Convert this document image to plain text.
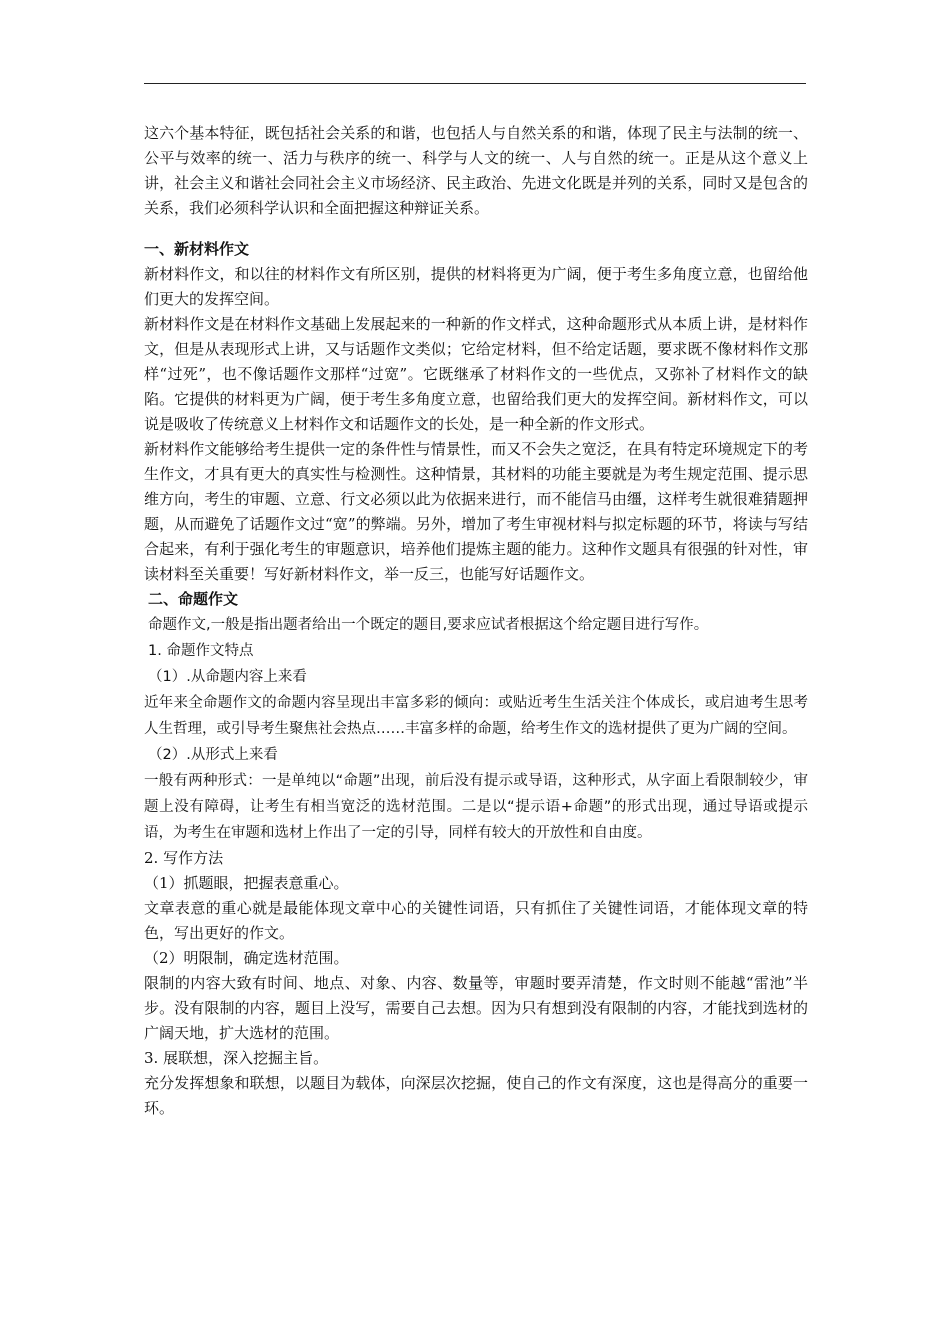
这六个基本特征，既包括社会关系的和谐，也包括人与自然关系的和谐，体现了民主与法制的统一、公平与效率的统一、活力与秩序的统一、科学与人文的统一、人与自然的统一。正是从这个意义上讲，社会主义和谐社会同社会主义市场经济、民主政治、先进文化既是并列的关系，同时又是包含的关系，我们必须科学认识和全面把握这种辩证关系。

一、新材料作文

新材料作文，和以往的材料作文有所区别，提供的材料将更为广阔，便于考生多角度立意，也留给他们更大的发挥空间。

新材料作文是在材料作文基础上发展起来的一种新的作文样式，这种命题形式从本质上讲，是材料作文，但是从表现形式上讲，又与话题作文类似；它给定材料，但不给定话题，要求既不像材料作文那样“过死”，也不像话题作文那样“过宽”。它既继承了材料作文的一些优点，又弥补了材料作文的缺陷。它提供的材料更为广阔，便于考生多角度立意，也留给我们更大的发挥空间。新材料作文，可以说是吸收了传统意义上材料作文和话题作文的长处，是一种全新的作文形式。

新材料作文能够给考生提供一定的条件性与情景性，而又不会失之宽泛，在具有特定环境规定下的考生作文，才具有更大的真实性与检测性。这种情景，其材料的功能主要就是为考生规定范围、提示思维方向，考生的审题、立意、行文必须以此为依据来进行，而不能信马由缰，这样考生就很难猜题押题，从而避免了话题作文过“宽”的弊端。另外，增加了考生审视材料与拟定标题的环节，将读与写结合起来，有利于强化考生的审题意识，培养他们提炼主题的能力。这种作文题具有很强的针对性，审读材料至关重要！写好新材料作文，举一反三，也能写好话题作文。

二、命题作文

命题作文,一般是指出题者给出一个既定的题目,要求应试者根据这个给定题目进行写作。

1. 命题作文特点

（1）.从命题内容上来看

近年来全命题作文的命题内容呈现出丰富多彩的倾向：或贴近考生生活关注个体成长，或启迪考生思考人生哲理，或引导考生聚焦社会热点……丰富多样的命题，给考生作文的选材提供了更为广阔的空间。

（2）.从形式上来看

一般有两种形式：一是单纯以“命题”出现，前后没有提示或导语，这种形式，从字面上看限制较少，审题上没有障碍，让考生有相当宽泛的选材范围。二是以“提示语+命题”的形式出现，通过导语或提示语，为考生在审题和选材上作出了一定的引导，同样有较大的开放性和自由度。

2. 写作方法

（1）抓题眼，把握表意重心。

文章表意的重心就是最能体现文章中心的关键性词语，只有抓住了关键性词语，才能体现文章的特色，写出更好的作文。

（2）明限制，确定选材范围。

限制的内容大致有时间、地点、对象、内容、数量等，审题时要弄清楚，作文时则不能越“雷池”半步。没有限制的内容，题目上没写，需要自己去想。因为只有想到没有限制的内容，才能找到选材的广阔天地，扩大选材的范围。

3. 展联想，深入挖掘主旨。

充分发挥想象和联想，以题目为载体，向深层次挖掘，使自己的作文有深度，这也是得高分的重要一环。
